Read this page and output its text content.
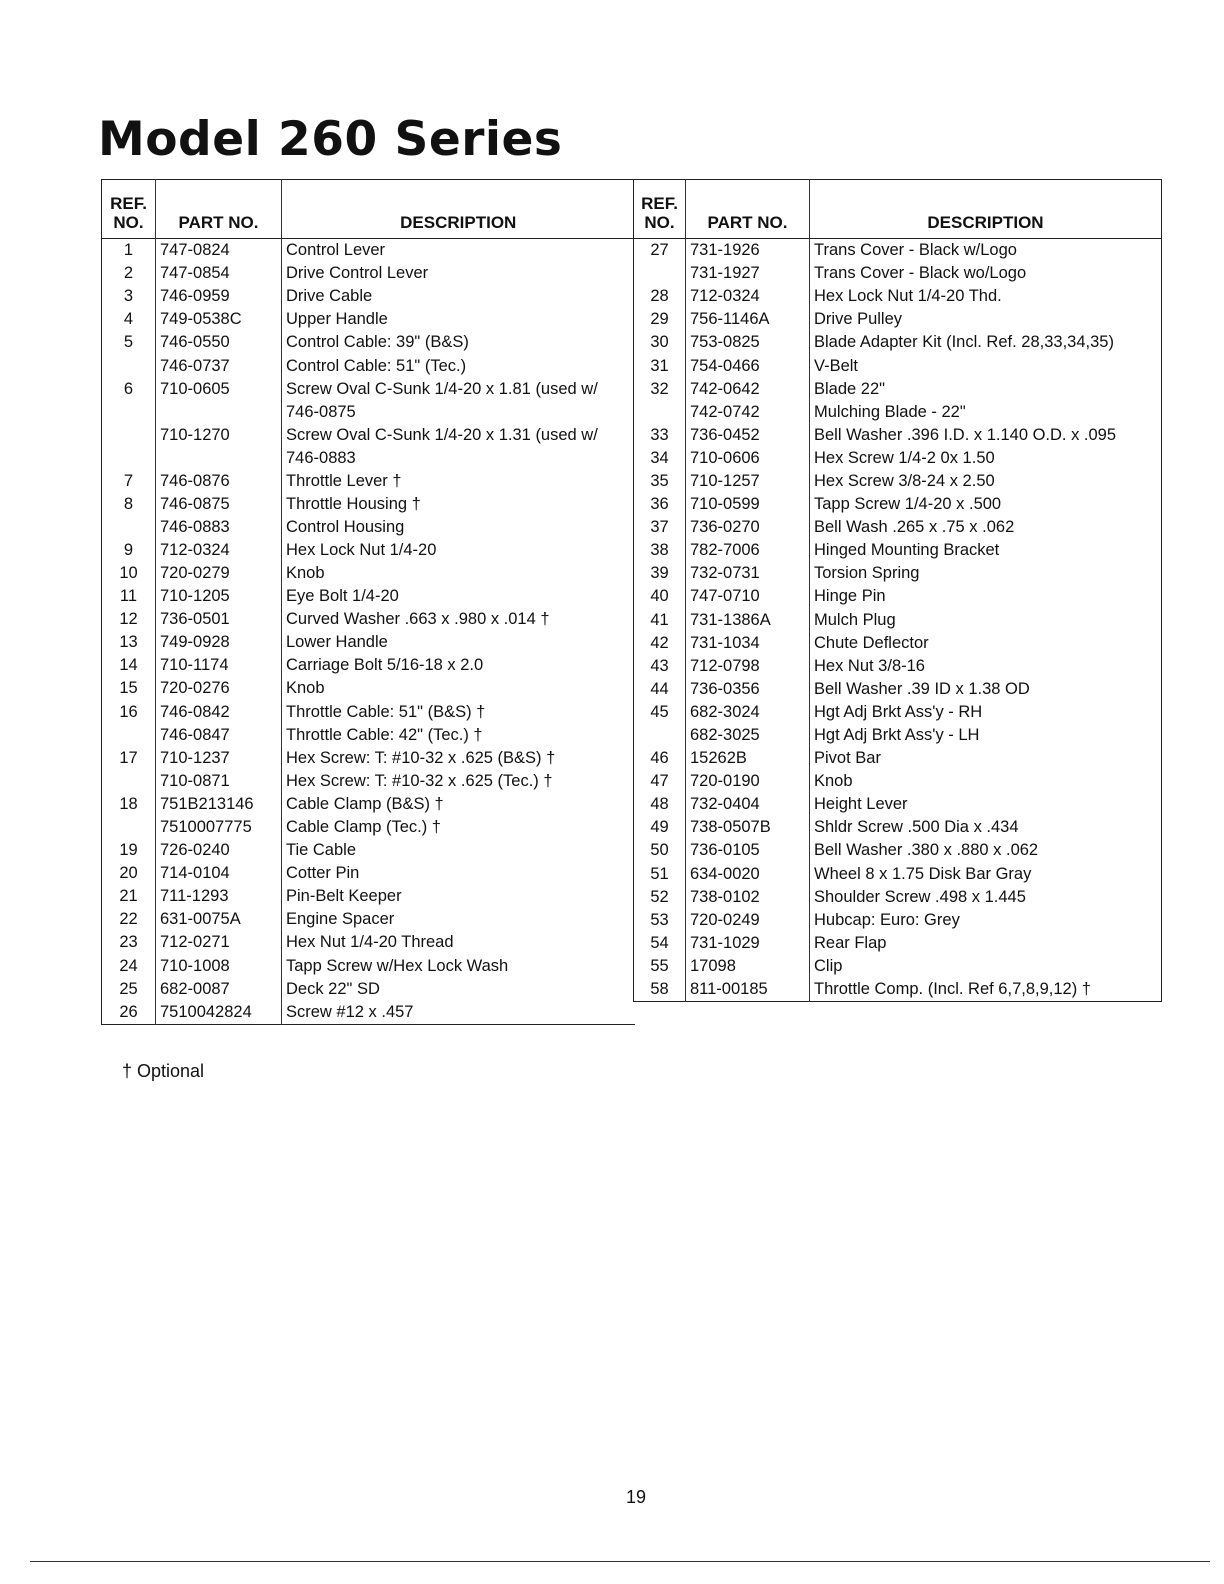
Model 260 Series
REF.
NO.	PART NO.	DESCRIPTION
1	747-0824	Control Lever
2	747-0854	Drive Control Lever
3	746-0959	Drive Cable
4	749-0538C	Upper Handle
5	746-0550	Control Cable: 39" (B&S)
	746-0737	Control Cable: 51" (Tec.)
6	710-0605	Screw Oval C-Sunk 1/4-20 x 1.81 (used w/ 746-0875
	710-1270	Screw Oval C-Sunk 1/4-20 x 1.31 (used w/ 746-0883
7	746-0876	Throttle Lever †
8	746-0875	Throttle Housing †
	746-0883	Control Housing
9	712-0324	Hex Lock Nut 1/4-20
10	720-0279	Knob
11	710-1205	Eye Bolt 1/4-20
12	736-0501	Curved Washer .663 x .980 x .014 †
13	749-0928	Lower Handle
14	710-1174	Carriage Bolt 5/16-18 x 2.0
15	720-0276	Knob
16	746-0842	Throttle Cable: 51" (B&S) †
	746-0847	Throttle Cable: 42" (Tec.) †
17	710-1237	Hex Screw: T: #10-32 x .625 (B&S) †
	710-0871	Hex Screw: T: #10-32 x .625 (Tec.) †
18	751B213146	Cable Clamp (B&S) †
	7510007775	Cable Clamp (Tec.) †
19	726-0240	Tie Cable
20	714-0104	Cotter Pin
21	711-1293	Pin-Belt Keeper
22	631-0075A	Engine Spacer
23	712-0271	Hex Nut 1/4-20 Thread
24	710-1008	Tapp Screw w/Hex Lock Wash
25	682-0087	Deck 22" SD
26	7510042824	Screw #12 x .457
REF.
NO.	PART NO.	DESCRIPTION
27	731-1926	Trans Cover - Black w/Logo
	731-1927	Trans Cover - Black wo/Logo
28	712-0324	Hex Lock Nut 1/4-20 Thd.
29	756-1146A	Drive Pulley
30	753-0825	Blade Adapter Kit (Incl. Ref. 28,33,34,35)
31	754-0466	V-Belt
32	742-0642	Blade 22"
	742-0742	Mulching Blade - 22"
33	736-0452	Bell Washer .396 I.D. x 1.140 O.D. x .095
34	710-0606	Hex Screw 1/4-2 0x 1.50
35	710-1257	Hex Screw 3/8-24 x 2.50
36	710-0599	Tapp Screw 1/4-20 x .500
37	736-0270	Bell Wash .265 x .75 x .062
38	782-7006	Hinged Mounting Bracket
39	732-0731	Torsion Spring
40	747-0710	Hinge Pin
41	731-1386A	Mulch Plug
42	731-1034	Chute Deflector
43	712-0798	Hex Nut 3/8-16
44	736-0356	Bell Washer .39 ID x 1.38 OD
45	682-3024	Hgt Adj Brkt Ass'y - RH
	682-3025	Hgt Adj Brkt Ass'y - LH
46	15262B	Pivot Bar
47	720-0190	Knob
48	732-0404	Height Lever
49	738-0507B	Shldr Screw .500 Dia x .434
50	736-0105	Bell Washer .380 x .880 x .062
51	634-0020	Wheel 8 x 1.75 Disk Bar Gray
52	738-0102	Shoulder Screw .498 x 1.445
53	720-0249	Hubcap: Euro: Grey
54	731-1029	Rear Flap
55	17098	Clip
58	811-00185	Throttle Comp. (Incl. Ref 6,7,8,9,12) †
† Optional
19
